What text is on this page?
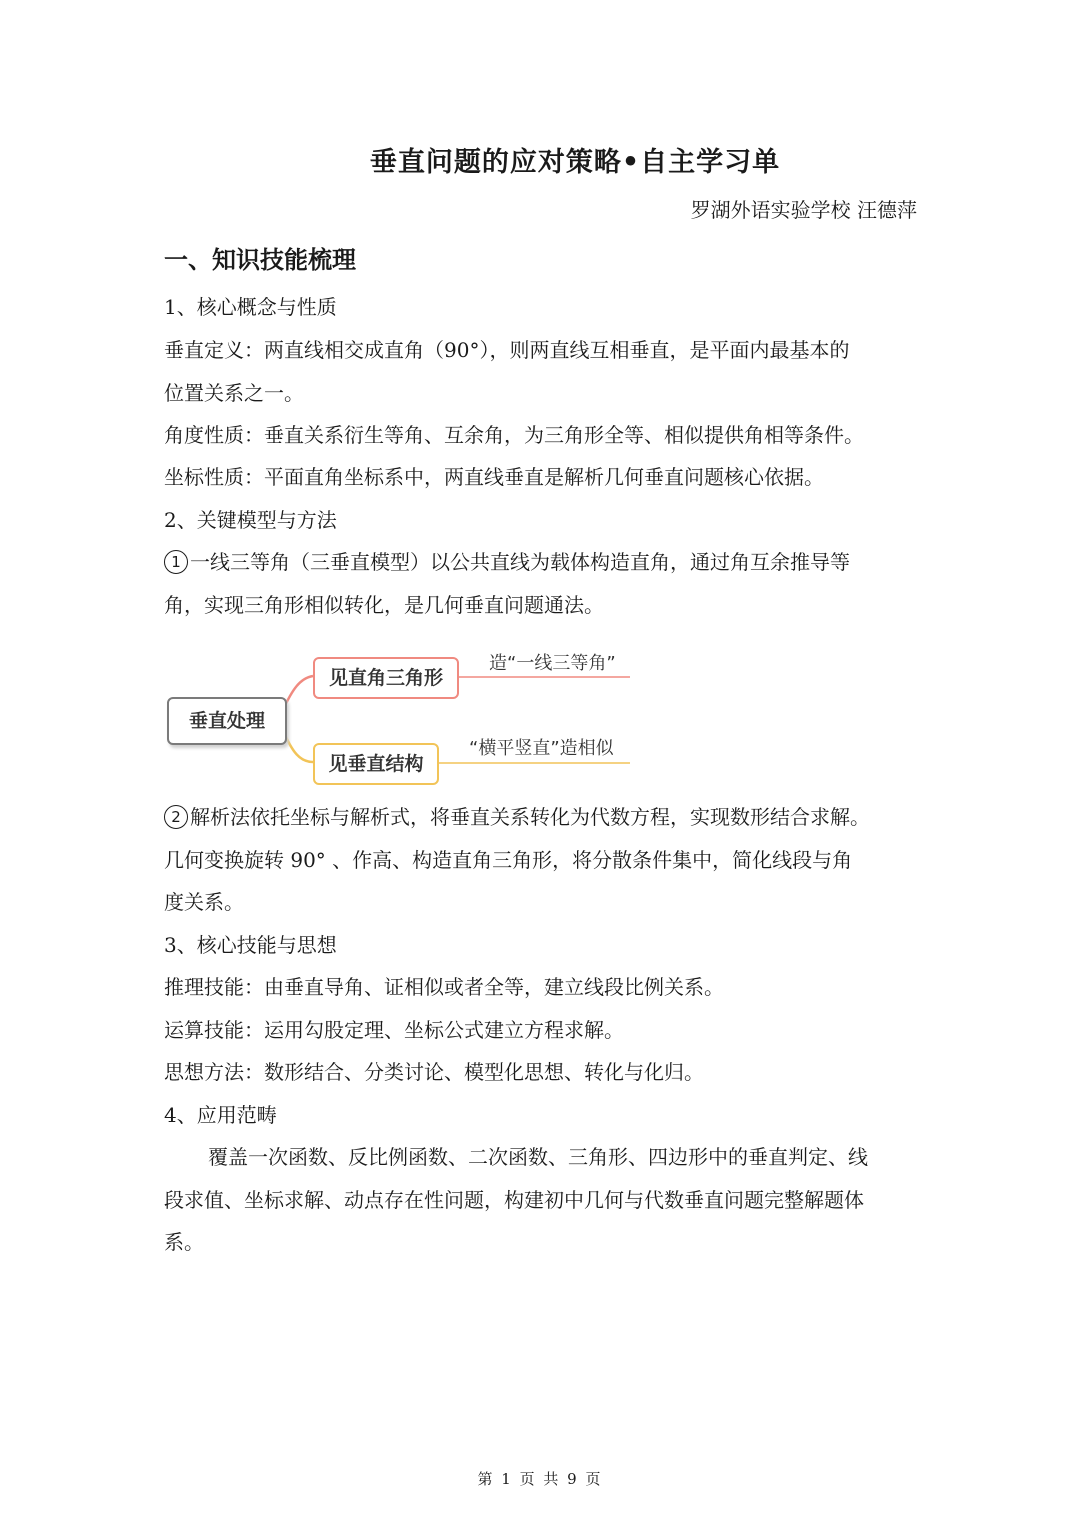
垂直问题的应对策略•自主学习单
罗湖外语实验学校 汪德萍
一、知识技能梳理
1、核心概念与性质
垂直定义：两直线相交成直角（90°），则两直线互相垂直，是平面内最基本的
位置关系之一。
角度性质：垂直关系衍生等角、互余角，为三角形全等、相似提供角相等条件。
坐标性质：平面直角坐标系中，两直线垂直是解析几何垂直问题核心依据。
2、关键模型与方法
1 一线三等角（三垂直模型）以公共直线为载体构造直角，通过角互余推导等
角，实现三角形相似转化，是几何垂直问题通法。
垂直处理
见直角三角形
见垂直结构
造“一线三等角”
“横平竖直”造相似
2 解析法依托坐标与解析式，将垂直关系转化为代数方程，实现数形结合求解。
几何变换旋转 90° 、作高、构造直角三角形，将分散条件集中，简化线段与角
度关系。
3、核心技能与思想
推理技能：由垂直导角、证相似或者全等，建立线段比例关系。
运算技能：运用勾股定理、坐标公式建立方程求解。
思想方法：数形结合、分类讨论、模型化思想、转化与化归。
4、应用范畴
覆盖一次函数、反比例函数、二次函数、三角形、四边形中的垂直判定、线
段求值、坐标求解、动点存在性问题，构建初中几何与代数垂直问题完整解题体
系。
第 1 页 共 9 页
